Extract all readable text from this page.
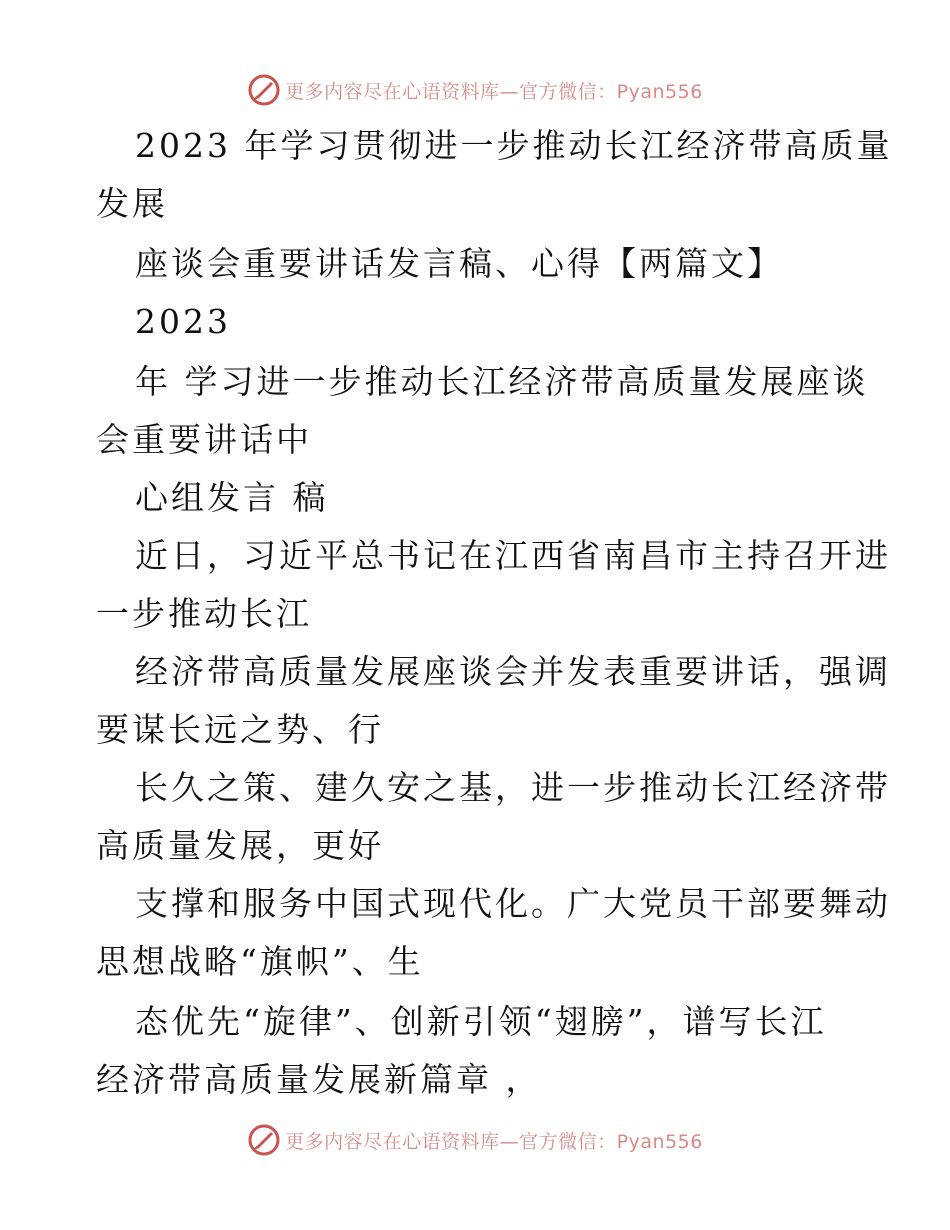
更多内容尽在心语资料库—官方微信：Pyan556
2023 年学习贯彻进一步推动长江经济带高质量
发展
座谈会重要讲话发言稿、心得【两篇文】
2023
年 学习进一步推动长江经济带高质量发展座谈
会重要讲话中
心组发言 稿
近日，习近平总书记在江西省南昌市主持召开进
一步推动长江
经济带高质量发展座谈会并发表重要讲话，强调
要谋长远之势、行
长久之策、建久安之基，进一步推动长江经济带
高质量发展，更好
支撑和服务中国式现代化。广大党员干部要舞动
思想战略“旗帜”、生
态优先“旋律”、创新引领“翅膀”，谱写长江
经济带高质量发展新篇章 ，
更多内容尽在心语资料库—官方微信：Pyan556
